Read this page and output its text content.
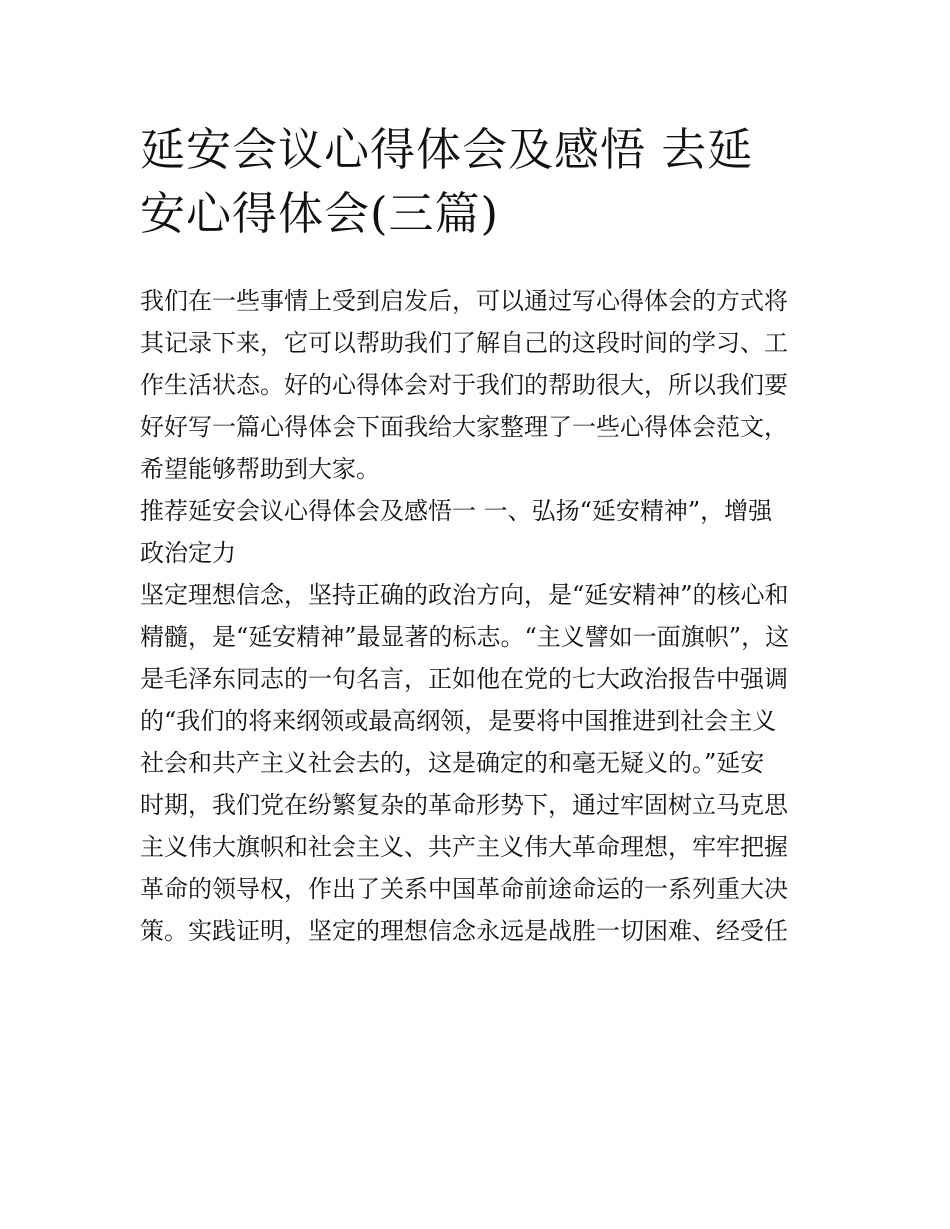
延安会议心得体会及感悟 去延
安心得体会(三篇)

我们在一些事情上受到启发后，可以通过写心得体会的方式将
其记录下来，它可以帮助我们了解自己的这段时间的学习、工
作生活状态。好的心得体会对于我们的帮助很大，所以我们要
好好写一篇心得体会下面我给大家整理了一些心得体会范文，
希望能够帮助到大家。

推荐延安会议心得体会及感悟一 一、弘扬“延安精神”，增强
政治定力

坚定理想信念，坚持正确的政治方向，是“延安精神”的核心和
精髓，是“延安精神”最显著的标志。“主义譬如一面旗帜”，这
是毛泽东同志的一句名言，正如他在党的七大政治报告中强调
的“我们的将来纲领或最高纲领，是要将中国推进到社会主义
社会和共产主义社会去的，这是确定的和毫无疑义的。”延安
时期，我们党在纷繁复杂的革命形势下，通过牢固树立马克思
主义伟大旗帜和社会主义、共产主义伟大革命理想，牢牢把握
革命的领导权，作出了关系中国革命前途命运的一系列重大决
策。实践证明，坚定的理想信念永远是战胜一切困难、经受任
